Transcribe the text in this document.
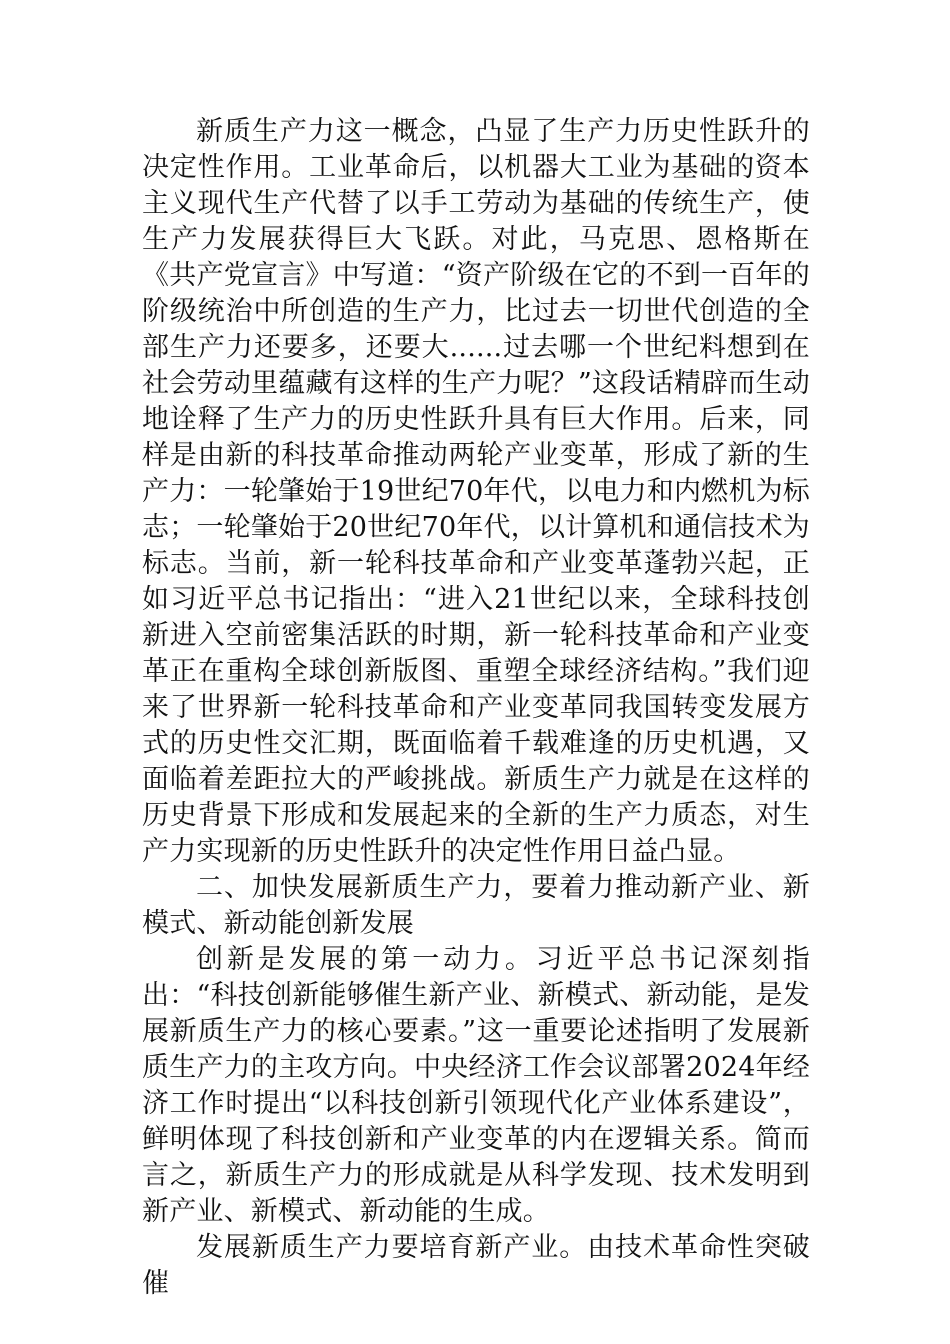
新质生产力这一概念，凸显了生产力历史性跃升的决定性作用。工业革命后，以机器大工业为基础的资本主义现代生产代替了以手工劳动为基础的传统生产，使生产力发展获得巨大飞跃。对此，马克思、恩格斯在《共产党宣言》中写道：“资产阶级在它的不到一百年的阶级统治中所创造的生产力，比过去一切世代创造的全部生产力还要多，还要大......过去哪一个世纪料想到在社会劳动里蕴藏有这样的生产力呢？”这段话精辟而生动地诠释了生产力的历史性跃升具有巨大作用。后来，同样是由新的科技革命推动两轮产业变革，形成了新的生产力：一轮肇始于19世纪70年代，以电力和内燃机为标志；一轮肇始于20世纪70年代，以计算机和通信技术为标志。当前，新一轮科技革命和产业变革蓬勃兴起，正如习近平总书记指出：“进入21世纪以来，全球科技创新进入空前密集活跃的时期，新一轮科技革命和产业变革正在重构全球创新版图、重塑全球经济结构。”我们迎来了世界新一轮科技革命和产业变革同我国转变发展方式的历史性交汇期，既面临着千载难逢的历史机遇，又面临着差距拉大的严峻挑战。新质生产力就是在这样的历史背景下形成和发展起来的全新的生产力质态，对生产力实现新的历史性跃升的决定性作用日益凸显。

二、加快发展新质生产力，要着力推动新产业、新模式、新动能创新发展

创新是发展的第一动力。习近平总书记深刻指出：“科技创新能够催生新产业、新模式、新动能，是发展新质生产力的核心要素。”这一重要论述指明了发展新质生产力的主攻方向。中央经济工作会议部署2024年经济工作时提出“以科技创新引领现代化产业体系建设”，鲜明体现了科技创新和产业变革的内在逻辑关系。简而言之，新质生产力的形成就是从科学发现、技术发明到新产业、新模式、新动能的生成。

发展新质生产力要培育新产业。由技术革命性突破催
